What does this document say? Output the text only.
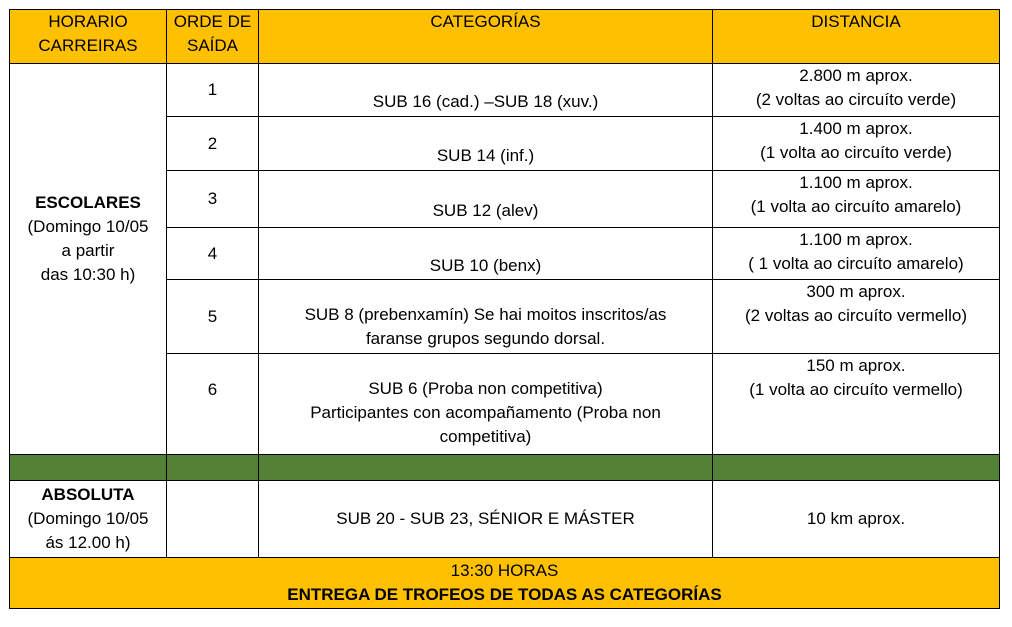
HORARIO
CARREIRAS	ORDE DE
SAÍDA	CATEGORÍAS	DISTANCIA

ESCOLARES
(Domingo 10/05
a partir
das 10:30 h)	1	SUB 16 (cad.) –SUB 18 (xuv.)	2.800 m aprox.
(2 voltas ao circuíto verde)

	2	SUB 14 (inf.)	1.400 m aprox.
(1 volta ao circuíto verde)

	3	SUB 12 (alev)	1.100 m aprox.
(1 volta ao circuíto amarelo)

	4	SUB 10 (benx)	1.100 m aprox.
( 1 volta ao circuíto amarelo)

	5	SUB 8 (prebenxamín) Se hai moitos inscritos/as
faranse grupos segundo dorsal.	300 m aprox.
(2 voltas ao circuíto vermello)

	6	SUB 6 (Proba non competitiva)
Participantes con acompañamento (Proba non
competitiva)	150 m aprox.
(1 volta ao circuíto vermello)

ABSOLUTA
(Domingo 10/05
ás 12.00 h)		SUB 20 - SUB 23, SÉNIOR E MÁSTER	10 km aprox.

13:30 HORAS
ENTREGA DE TROFEOS DE TODAS AS CATEGORÍAS			
